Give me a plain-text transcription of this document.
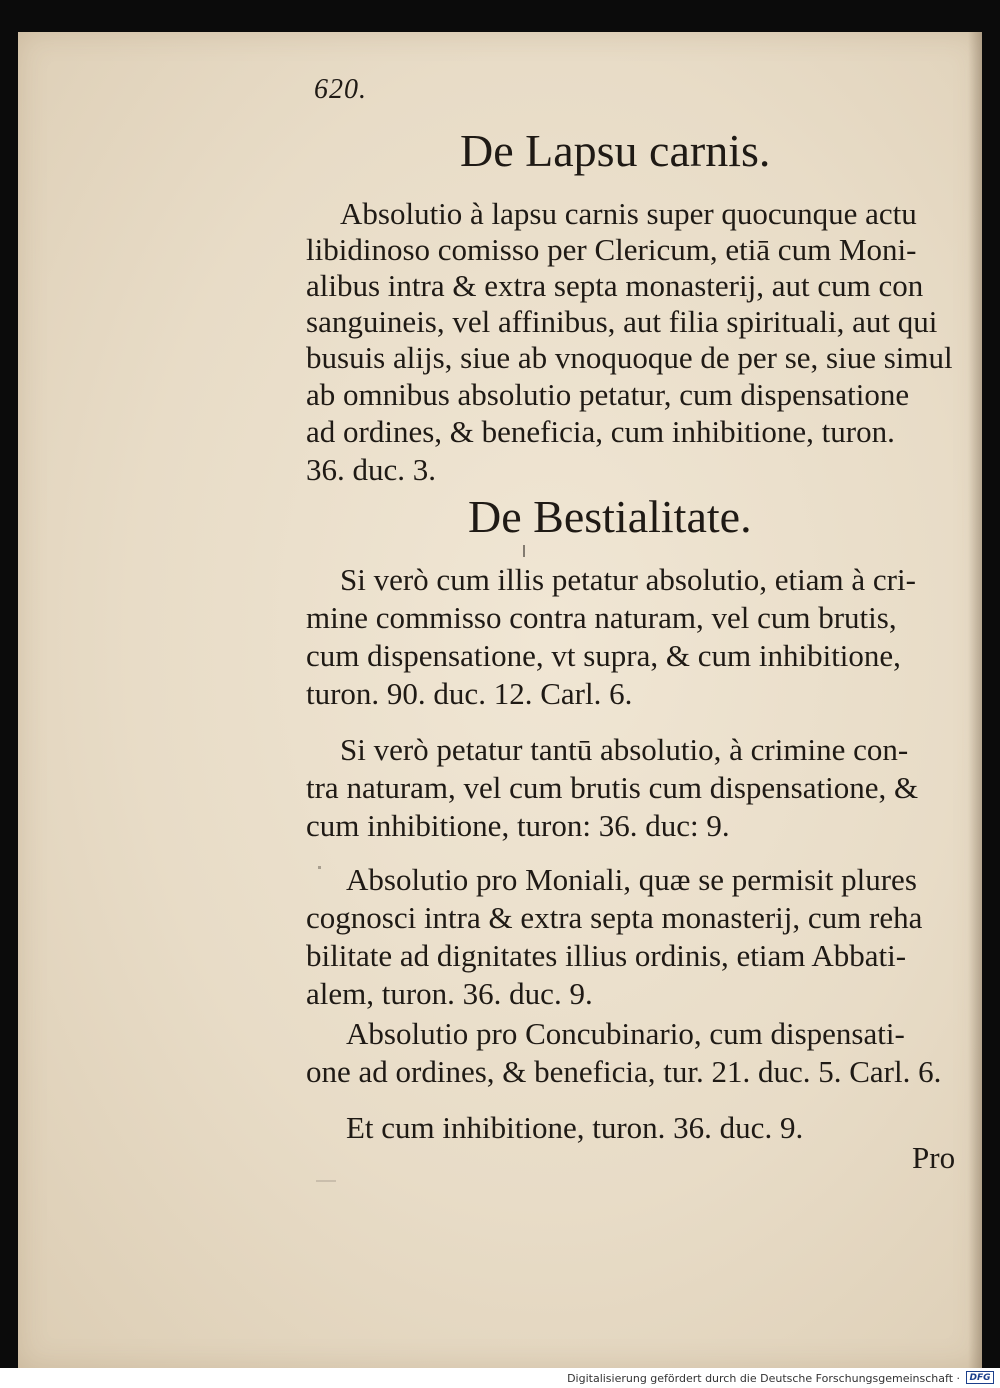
620.

De Lapsu carnis.

Absolutio à lapsu carnis super quocunque actu

libidinoso comisso per Clericum, etiā cum Moni-

alibus intra & extra septa monasterij, aut cum con

sanguineis, vel affinibus, aut filia spirituali, aut qui

busuis alijs, siue ab vnoquoque de per se, siue simul

ab omnibus absolutio petatur, cum dispensatione

ad ordines, & beneficia, cum inhibitione, turon.

36. duc. 3.

De Bestialitate.

Si verò cum illis petatur absolutio, etiam à cri-

mine commisso contra naturam, vel cum brutis,

cum dispensatione, vt supra, & cum inhibitione,

turon. 90. duc. 12. Carl. 6.

Si verò petatur tantū absolutio, à crimine con-

tra naturam, vel cum brutis cum dispensatione, &

cum inhibitione, turon: 36. duc: 9.

Absolutio pro Moniali, quæ se permisit plures

cognosci intra & extra septa monasterij, cum reha

bilitate ad dignitates illius ordinis, etiam Abbati-

alem, turon. 36. duc. 9.

Absolutio pro Concubinario, cum dispensati-

one ad ordines, & beneficia, tur. 21. duc. 5. Carl. 6.

Et cum inhibitione, turon. 36. duc. 9.

Pro

Digitalisierung gefördert durch die Deutsche Forschungsgemeinschaft ·	DFG
